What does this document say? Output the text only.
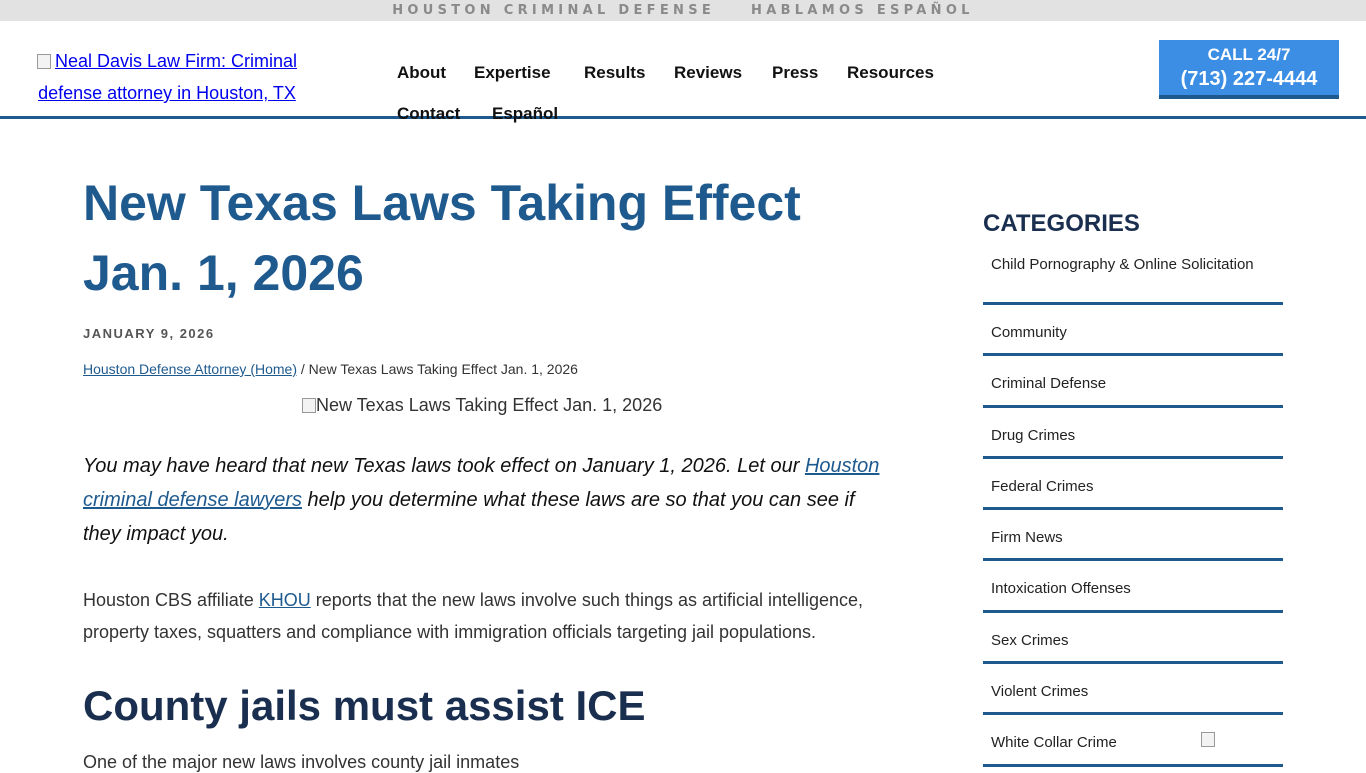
HOUSTON CRIMINAL DEFENSE	HABLAMOS ESPAÑOL
Neal Davis Law Firm: Criminal
defense attorney in Houston, TX
About Expertise Results Reviews Press Resources
Contact Español
CALL 24/7
(713) 227-4444
New Texas Laws Taking Effect Jan. 1, 2026
JANUARY 9, 2026
Houston Defense Attorney (Home) / New Texas Laws Taking Effect Jan. 1, 2026
New Texas Laws Taking Effect Jan. 1, 2026

You may have heard that new Texas laws took effect on January 1, 2026. Let our Houston criminal defense lawyers help you determine what these laws are so that you can see if they impact you.

Houston CBS affiliate KHOU reports that the new laws involve such things as artificial intelligence, property taxes, squatters and compliance with immigration officials targeting jail populations.

County jails must assist ICE

One of the major new laws involves county jail inmates

CATEGORIES
Child Pornography & Online Solicitation
Community
Criminal Defense
Drug Crimes
Federal Crimes
Firm News
Intoxication Offenses
Sex Crimes
Violent Crimes
White Collar Crime	Scroll to top
